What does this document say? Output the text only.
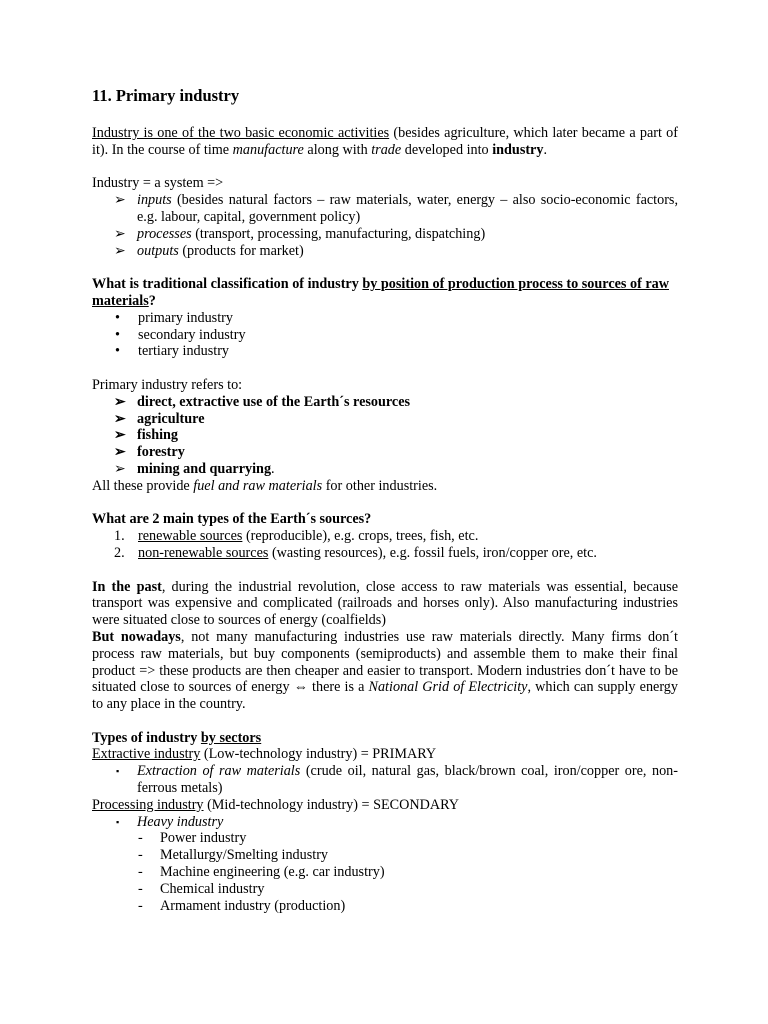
11. Primary industry

Industry is one of the two basic economic activities (besides agriculture, which later became a part of it). In the course of time manufacture along with trade developed into industry.

Industry = a system =>

➢ inputs (besides natural factors – raw materials, water, energy – also socio-economic factors, e.g. labour, capital, government policy)
➢ processes (transport, processing, manufacturing, dispatching)
➢ outputs (products for market)

What is traditional classification of industry by position of production process to sources of raw materials?

• primary industry
• secondary industry
• tertiary industry

Primary industry refers to:

➢ direct, extractive use of the Earth´s resources
➢ agriculture
➢ fishing
➢ forestry
➢ mining and quarrying.

All these provide fuel and raw materials for other industries.

What are 2 main types of the Earth´s sources?

1. renewable sources (reproducible), e.g. crops, trees, fish, etc.
2. non-renewable sources (wasting resources), e.g. fossil fuels, iron/copper ore, etc.

In the past, during the industrial revolution, close access to raw materials was essential, because transport was expensive and complicated (railroads and horses only). Also manufacturing industries were situated close to sources of energy (coalfields)

But nowadays, not many manufacturing industries use raw materials directly. Many firms don´t process raw materials, but buy components (semiproducts) and assemble them to make their final product => these products are then cheaper and easier to transport. Modern industries don´t have to be situated close to sources of energy ⇔ there is a National Grid of Electricity, which can supply energy to any place in the country.

Types of industry by sectors

Extractive industry (Low-technology industry) = PRIMARY

▪ Extraction of raw materials (crude oil, natural gas, black/brown coal, iron/copper ore, non-ferrous metals)

Processing industry (Mid-technology industry) = SECONDARY

▪ Heavy industry
- Power industry
- Metallurgy/Smelting industry
- Machine engineering (e.g. car industry)
- Chemical industry
- Armament industry (production)
